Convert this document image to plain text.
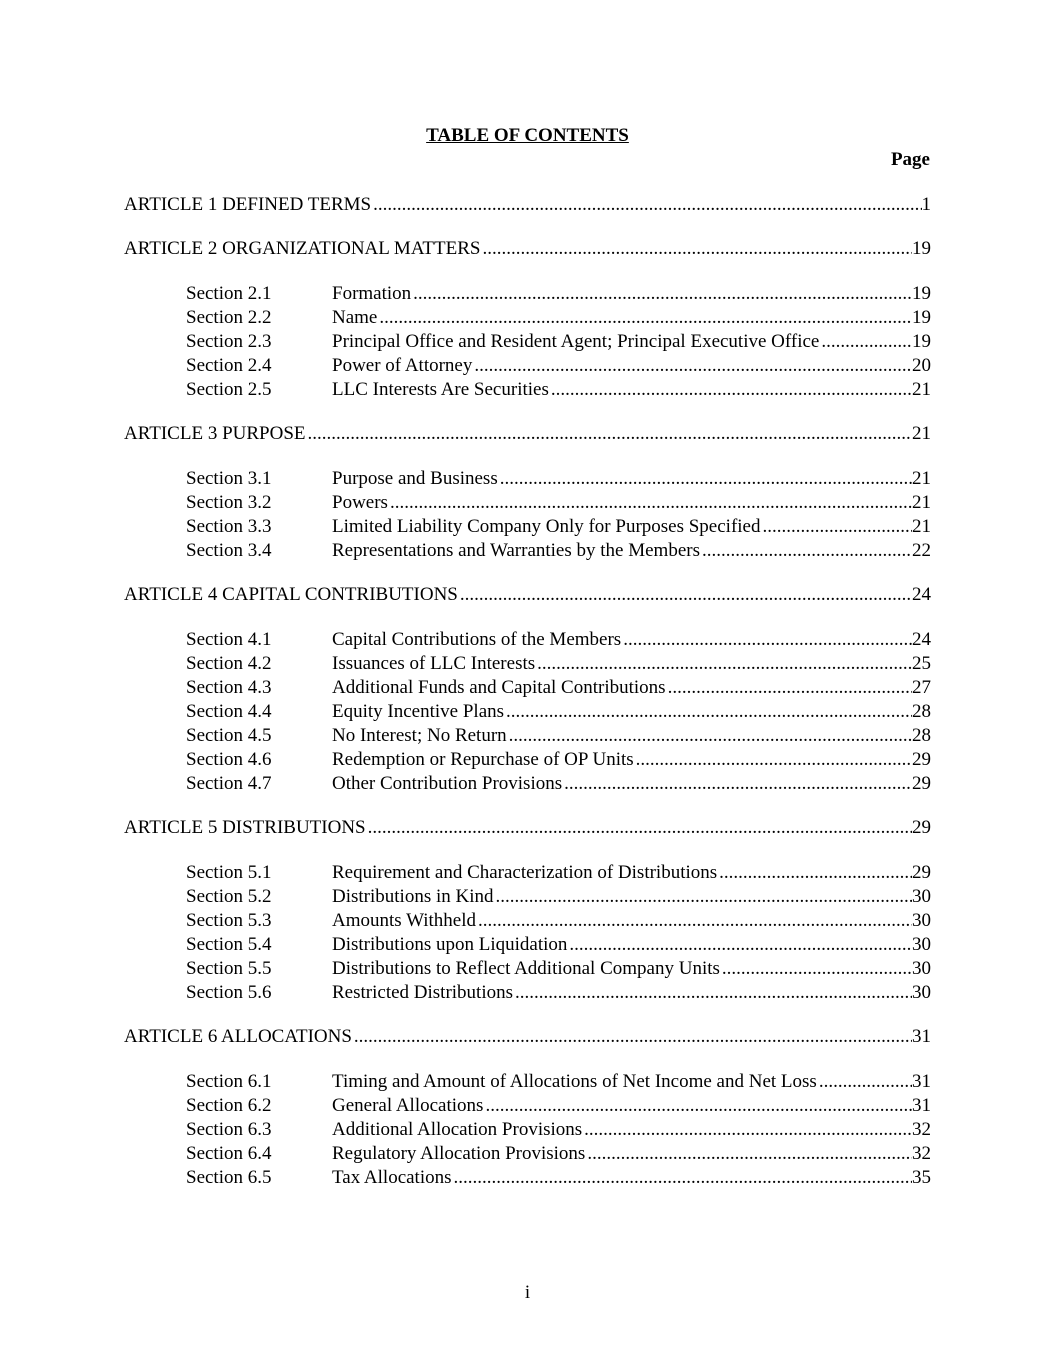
TABLE OF CONTENTS
Page
ARTICLE 1 DEFINED TERMS .....	1
ARTICLE 2 ORGANIZATIONAL MATTERS .....	19
Section 2.1	Formation .....	19
Section 2.2	Name .....	19
Section 2.3	Principal Office and Resident Agent; Principal Executive Office .....	19
Section 2.4	Power of Attorney .....	20
Section 2.5	LLC Interests Are Securities .....	21
ARTICLE 3 PURPOSE .....	21
Section 3.1	Purpose and Business .....	21
Section 3.2	Powers .....	21
Section 3.3	Limited Liability Company Only for Purposes Specified .....	21
Section 3.4	Representations and Warranties by the Members .....	22
ARTICLE 4 CAPITAL CONTRIBUTIONS .....	24
Section 4.1	Capital Contributions of the Members .....	24
Section 4.2	Issuances of LLC Interests .....	25
Section 4.3	Additional Funds and Capital Contributions .....	27
Section 4.4	Equity Incentive Plans .....	28
Section 4.5	No Interest; No Return .....	28
Section 4.6	Redemption or Repurchase of OP Units .....	29
Section 4.7	Other Contribution Provisions .....	29
ARTICLE 5 DISTRIBUTIONS .....	29
Section 5.1	Requirement and Characterization of Distributions .....	29
Section 5.2	Distributions in Kind .....	30
Section 5.3	Amounts Withheld .....	30
Section 5.4	Distributions upon Liquidation .....	30
Section 5.5	Distributions to Reflect Additional Company Units .....	30
Section 5.6	Restricted Distributions .....	30
ARTICLE 6 ALLOCATIONS .....	31
Section 6.1	Timing and Amount of Allocations of Net Income and Net Loss .....	31
Section 6.2	General Allocations .....	31
Section 6.3	Additional Allocation Provisions .....	32
Section 6.4	Regulatory Allocation Provisions .....	32
Section 6.5	Tax Allocations .....	35
i
